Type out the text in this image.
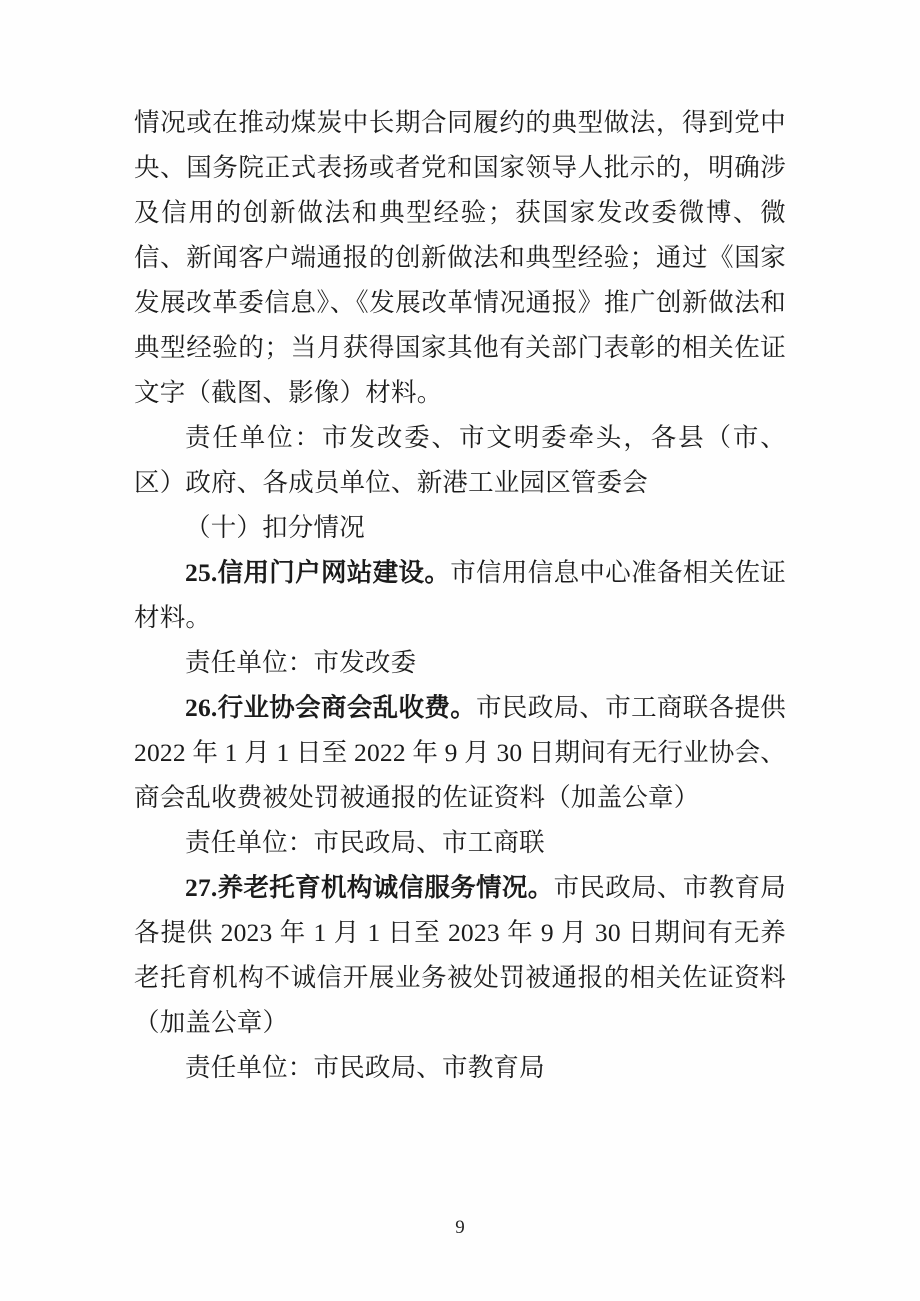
情况或在推动煤炭中长期合同履约的典型做法，得到党中央、国务院正式表扬或者党和国家领导人批示的，明确涉及信用的创新做法和典型经验；获国家发改委微博、微信、新闻客户端通报的创新做法和典型经验；通过《国家发展改革委信息》、《发展改革情况通报》推广创新做法和典型经验的；当月获得国家其他有关部门表彰的相关佐证文字（截图、影像）材料。

责任单位：市发改委、市文明委牵头，各县（市、区）政府、各成员单位、新港工业园区管委会

（十）扣分情况

25.信用门户网站建设。市信用信息中心准备相关佐证材料。

责任单位：市发改委

26.行业协会商会乱收费。市民政局、市工商联各提供 2022 年 1 月 1 日至 2022 年 9 月 30 日期间有无行业协会、商会乱收费被处罚被通报的佐证资料（加盖公章）

责任单位：市民政局、市工商联

27.养老托育机构诚信服务情况。市民政局、市教育局各提供 2023 年 1 月 1 日至 2023 年 9 月 30 日期间有无养老托育机构不诚信开展业务被处罚被通报的相关佐证资料（加盖公章）

责任单位：市民政局、市教育局

9
